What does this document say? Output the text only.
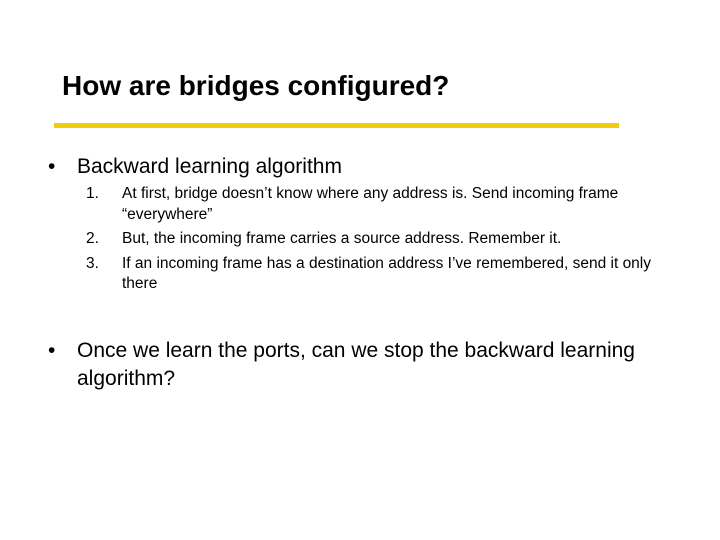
How are bridges configured?
•	Backward learning algorithm
1. At first, bridge doesn’t know where any address is. Send incoming frame “everywhere”
2. But, the incoming frame carries a source address. Remember it.
3. If an incoming frame has a destination address I’ve remembered, send it only there
•	Once we learn the ports, can we stop the backward learning algorithm?
